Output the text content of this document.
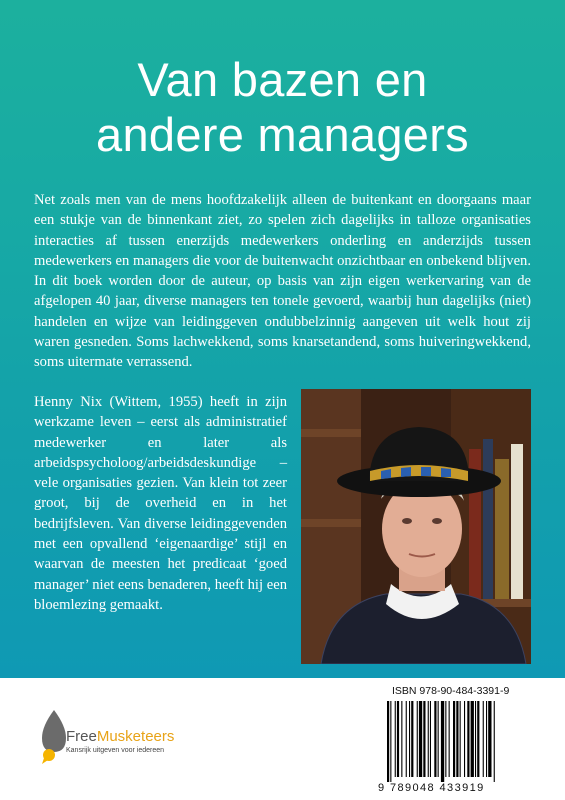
Van bazen en
andere managers

Net zoals men van de mens hoofdzakelijk alleen de buitenkant en doorgaans maar een stukje van de binnenkant ziet, zo spelen zich dagelijks in talloze organisaties interacties af tussen enerzijds medewerkers onderling en anderzijds tussen medewerkers en managers die voor de buitenwacht onzichtbaar en onbekend blijven. In dit boek worden door de auteur, op basis van zijn eigen werkervaring van de afgelopen 40 jaar, diverse managers ten tonele gevoerd, waarbij hun dagelijks (niet) handelen en wijze van leidinggeven ondubbelzinnig aangeven uit welk hout zij waren gesneden. Soms lachwekkend, soms knarsetandend, soms huiveringwekkend, soms uitermate verrassend.

Henny Nix (Wittem, 1955) heeft in zijn werkzame leven – eerst als administratief medewerker en later als arbeidspsycholoog/arbeidsdeskundige – vele organisaties gezien. Van klein tot zeer groot, bij de overheid en in het bedrijfsleven. Van diverse leidinggevenden met een opvallend ‘eigenaardige’ stijl en waarvan de meesten het predicaat ‘goed manager’ niet eens benaderen, heeft hij een bloemlezing gemaakt.

FreeMusketeers
Kansrijk uitgeven voor iedereen
ISBN 978-90-484-3391-9
9 789048 433919
